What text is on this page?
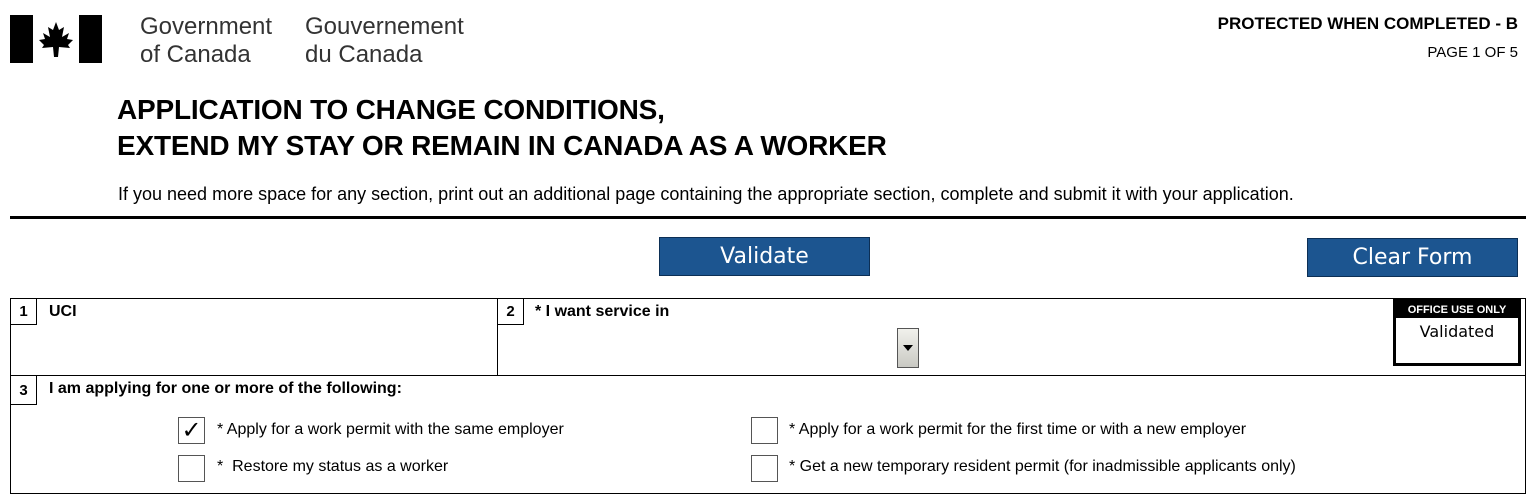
Government
of Canada
Gouvernement
du Canada
PROTECTED WHEN COMPLETED - B
PAGE 1 OF 5
APPLICATION TO CHANGE CONDITIONS,
EXTEND MY STAY OR REMAIN IN CANADA AS A WORKER
If you need more space for any section, print out an additional page containing the appropriate section, complete and submit it with your application.
Validate	Clear Form
1	UCI	2	* I want service in	OFFICE USE ONLY
Validated
3	I am applying for one or more of the following:
✓ * Apply for a work permit with the same employer	* Apply for a work permit for the first time or with a new employer
*  Restore my status as a worker	* Get a new temporary resident permit (for inadmissible applicants only)
